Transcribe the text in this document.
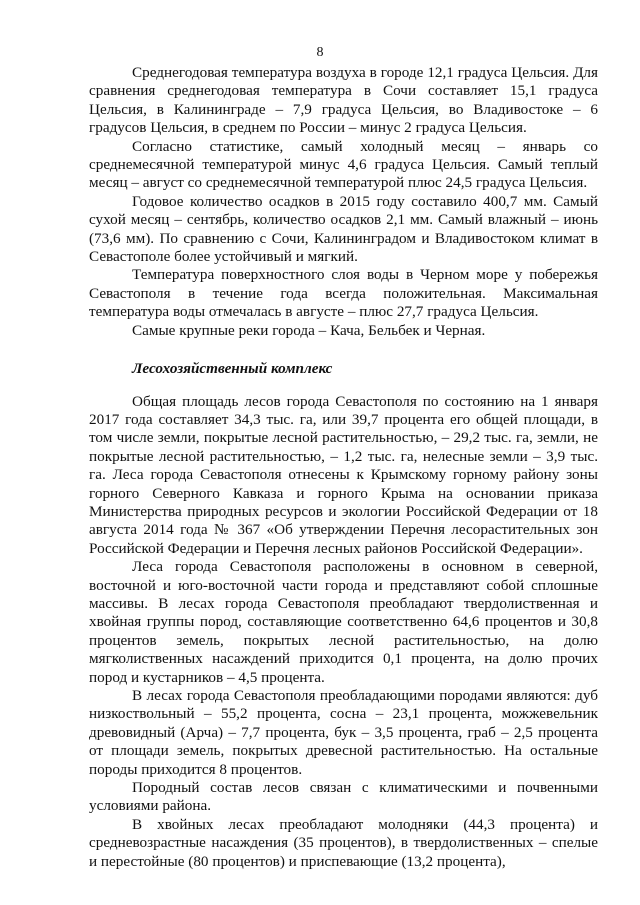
8

Среднегодовая температура воздуха в городе 12,1 градуса Цельсия. Для сравнения среднегодовая температура в Сочи составляет 15,1 градуса Цельсия, в Калининграде – 7,9 градуса Цельсия, во Владивостоке – 6 градусов Цельсия, в среднем по России – минус 2 градуса Цельсия.

Согласно статистике, самый холодный месяц – январь со среднемесячной температурой минус 4,6 градуса Цельсия. Самый теплый месяц – август со среднемесячной температурой плюс 24,5 градуса Цельсия.

Годовое количество осадков в 2015 году составило 400,7 мм. Самый сухой месяц – сентябрь, количество осадков 2,1 мм. Самый влажный – июнь (73,6 мм). По сравнению с Сочи, Калининградом и Владивостоком климат в Севастополе более устойчивый и мягкий.

Температура поверхностного слоя воды в Черном море у побережья Севастополя в течение года всегда положительная. Максимальная температура воды отмечалась в августе – плюс 27,7 градуса Цельсия.

Самые крупные реки города – Кача, Бельбек и Черная.

Лесохозяйственный комплекс

Общая площадь лесов города Севастополя по состоянию на 1 января 2017 года составляет 34,3 тыс. га, или 39,7 процента его общей площади, в том числе земли, покрытые лесной растительностью, – 29,2 тыс. га, земли, не покрытые лесной растительностью, – 1,2 тыс. га, нелесные земли – 3,9 тыс. га. Леса города Севастополя отнесены к Крымскому горному району зоны горного Северного Кавказа и горного Крыма на основании приказа Министерства природных ресурсов и экологии Российской Федерации от 18 августа 2014 года № 367 «Об утверждении Перечня лесорастительных зон Российской Федерации и Перечня лесных районов Российской Федерации».

Леса города Севастополя расположены в основном в северной, восточной и юго-восточной части города и представляют собой сплошные массивы. В лесах города Севастополя преобладают твердолиственная и хвойная группы пород, составляющие соответственно 64,6 процентов и 30,8 процентов земель, покрытых лесной растительностью, на долю мягколиственных насаждений приходится 0,1 процента, на долю прочих пород и кустарников – 4,5 процента.

В лесах города Севастополя преобладающими породами являются: дуб низкоствольный – 55,2 процента, сосна – 23,1 процента, можжевельник древовидный (Арча) – 7,7 процента, бук – 3,5 процента, граб – 2,5 процента от площади земель, покрытых древесной растительностью. На остальные породы приходится 8 процентов.

Породный состав лесов связан с климатическими и почвенными условиями района.

В хвойных лесах преобладают молодняки (44,3 процента) и средневозрастные насаждения (35 процентов), в твердолиственных – спелые и перестойные (80 процентов) и приспевающие (13,2 процента),
